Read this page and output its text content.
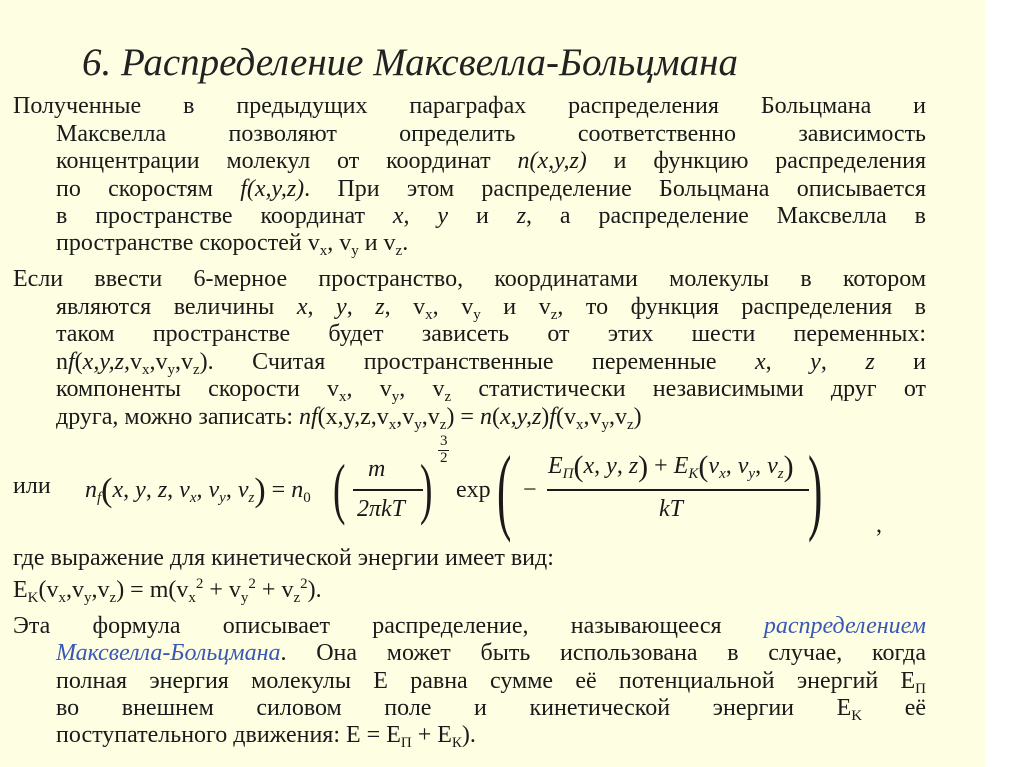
6. Распределение Максвелла-Больцмана
Полученные в предыдущих параграфах распределения Больцмана и
Максвелла позволяют определить соответственно зависимость
концентрации молекул от координат n(x,y,z) и функцию распределения
по скоростям f(x,y,z). При этом распределение Больцмана описывается
в пространстве координат x, y и z, а распределение Максвелла в
пространстве скоростей $v_x$, $v_y$ и $v_z$.
Если ввести 6-мерное пространство, координатами молекулы в котором
являются величины x, y, z, $v_x$, $v_y$ и $v_z$, то функция распределения в
таком пространстве будет зависеть от этих шести переменных:
$nf(x,y,z,v_x,v_y,v_z)$. Считая пространственные переменные x, y, z и
компоненты скорости $v_x$, $v_y$, $v_z$ статистически независимыми друг от
друга, можно записать: $nf(x,y,z,v_x,v_y,v_z) = n(x,y,z)f(v_x,v_y,v_z)$
или $n_f(x$, y, z, $v_x$, $v_y$, $v_z) = n_0$ ( m
2πkT )
3
2
exp ( −
$E_П(x$, y, $z) + E_K(v_x$, $v_y$, $v_z$)
kT ) ,
где выражение для кинетической энергии имеет вид:
$E_K(v_x,v_y,v_z) = m(v_x^2 + v_y^2 + v_z^2)$.
Эта формула описывает распределение, называющееся распределением
Максвелла-Больцмана. Она может быть использована в случае, когда
полная энергия молекулы Е равна сумме её потенциальной энергий $Е_П$
во внешнем силовом поле и кинетической энергии $Е_K$ её
поступательного движения: $Е = Е_П + Е_К$).
